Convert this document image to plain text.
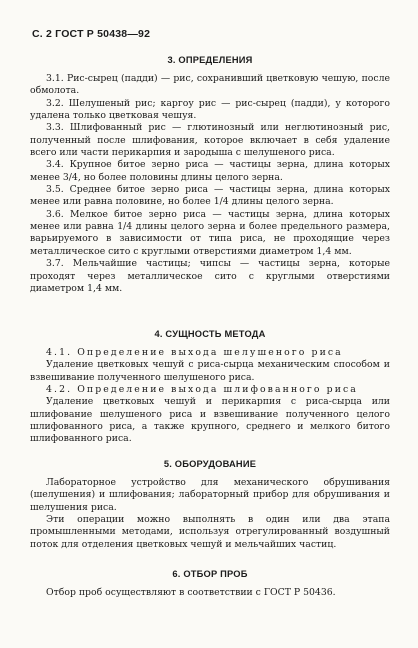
С. 2 ГОСТ Р 50438—92
3. ОПРЕДЕЛЕНИЯ

3.1. Рис-сырец (падди) — рис, сохранивший цветковую чешую, после обмолота.

3.2. Шелушеный рис; каргоу рис — рис-сырец (падди), у которого удалена только цветковая чешуя.

3.3. Шлифованный рис — глютинозный или неглютинозный рис, полученный после шлифования, которое включает в себя удаление всего или части перикарпия и зародыша с шелушеного риса.

3.4. Крупное битое зерно риса — частицы зерна, длина которых менее 3/4, но более половины длины целого зерна.

3.5. Среднее битое зерно риса — частицы зерна, длина которых менее или равна половине, но более 1/4 длины целого зерна.

3.6. Мелкое битое зерно риса — частицы зерна, длина которых менее или равна 1/4 длины целого зерна и более предельного размера, варьируемого в зависимости от типа риса, не проходящие через металлическое сито с круглыми отверстиями диаметром 1,4 мм.

3.7. Мельчайшие частицы; чипсы — частицы зерна, которые проходят через металлическое сито с круглыми отверстиями диаметром 1,4 мм.

4. СУЩНОСТЬ МЕТОДА

4.1. Определение выхода шелушеного риса

Удаление цветковых чешуй с риса-сырца механическим способом и взвешивание полученного шелушеного риса.

4.2. Определение выхода шлифованного риса

Удаление цветковых чешуй и перикарпия с риса-сырца или шлифование шелушеного риса и взвешивание полученного целого шлифованного риса, а также крупного, среднего и мелкого битого шлифованного риса.

5. ОБОРУДОВАНИЕ

Лабораторное устройство для механического обрушивания (шелушения) и шлифования; лабораторный прибор для обрушивания и шелушения риса.

Эти операции можно выполнять в один или два этапа промышленными методами, используя отрегулированный воздушный поток для отделения цветковых чешуй и мельчайших частиц.

6. ОТБОР ПРОБ

Отбор проб осуществляют в соответствии с ГОСТ Р 50436.
